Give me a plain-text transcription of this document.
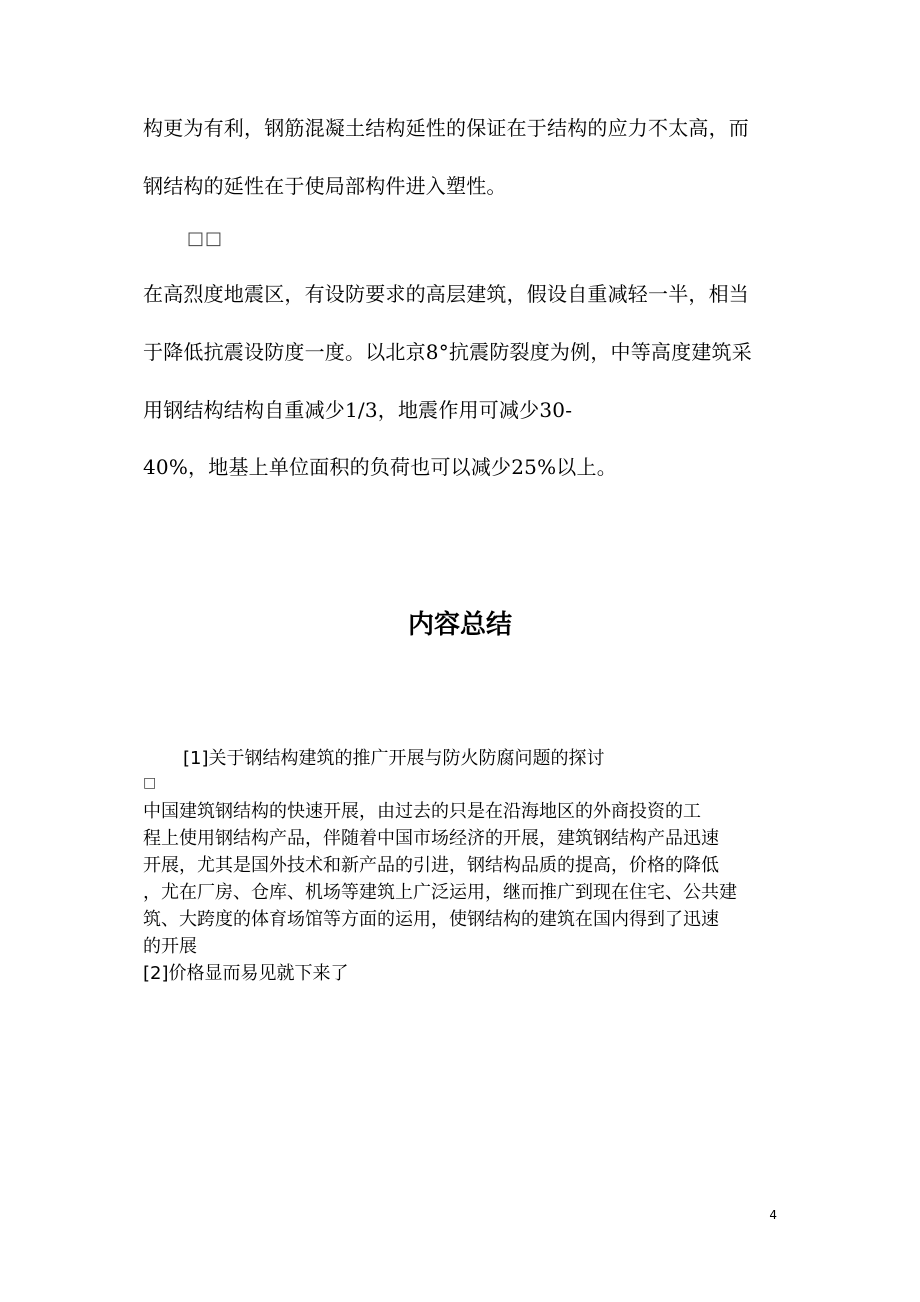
构更为有利，钢筋混凝土结构延性的保证在于结构的应力不太高，而

钢结构的延性在于使局部构件进入塑性。

□□

在高烈度地震区，有设防要求的高层建筑，假设自重减轻一半，相当

于降低抗震设防度一度。以北京8°抗震防裂度为例，中等高度建筑采

用钢结构结构自重减少1/3，地震作用可减少30-

40%，地基上单位面积的负荷也可以减少25%以上。

内容总结

[1]关于钢结构建筑的推广开展与防火防腐问题的探讨

□

中国建筑钢结构的快速开展，由过去的只是在沿海地区的外商投资的工

程上使用钢结构产品，伴随着中国市场经济的开展，建筑钢结构产品迅速

开展，尤其是国外技术和新产品的引进，钢结构品质的提高，价格的降低

，尤在厂房、仓库、机场等建筑上广泛运用，继而推广到现在住宅、公共建

筑、大跨度的体育场馆等方面的运用，使钢结构的建筑在国内得到了迅速

的开展

[2]价格显而易见就下来了

4
